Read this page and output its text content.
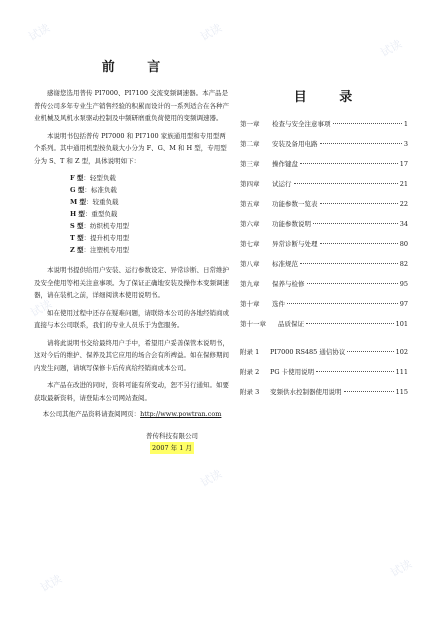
试读	试读
试读
试读
试读
试读
试读
前 言

感谢您选用普传 PI7000、PI7100 交流变频调速器。本产品是普传公司多年专业生产销售经验的积累而设计的一系列适合在各种产业机械及风机水泵驱动控制及中频研磨重负荷使用的变频调速器。

本说明书包括普传 PI7000 和 PI7100 家族通用型和专用型两个系列。其中通用机型按负载大小分为 F、G、M 和 H 型，专用型分为 S、T 和 Z 型，具体说明如下：

F 型：轻型负载
G 型：标准负载
M 型：较重负载
H 型：重型负载
S 型：纺织机专用型
T 型：提升机专用型
Z 型：注塑机专用型

本说明书提供给用户安装、运行参数设定、异常诊断、日常维护及安全使用等相关注意事项。为了保证正确地安装及操作本变频调速器，请在装机之前，详细阅读本使用说明书。

如在使用过程中还存在疑难问题，请联络本公司的各地经销商或直接与本公司联系，我们的专业人员乐于为您服务。

请将此说明书交给最终用户手中，希望用户妥善保管本说明书，这对今后的维护、保养及其它应用的场合会有所裨益。如在保修期间内发生问题，请填写保修卡后传真给经销商或本公司。

本产品在改进的同时，资料可能有所变动，恕不另行通知。如要获取最新资料，请登陆本公司网站查阅。

本公司其他产品资料请查阅网页：http://www.powtran.com
普传科技有限公司
2007 年 1 月
目 录
第一章	检查与安全注意事项	1
第二章	安装及备用电路	3
第三章	操作键盘	17
第四章	试运行	21
第五章	功能参数一览表	22
第六章	功能参数说明	34
第七章	异常诊断与处理	80
第八章	标准规范	82
第九章	保养与检修	95
第十章	选件	97
第十一章	品质保证	101
附录 1	PI7000 RS485 通信协议	102
附录 2	PG 卡使用说明	111
附录 3	变频供水控制器使用说明	115
